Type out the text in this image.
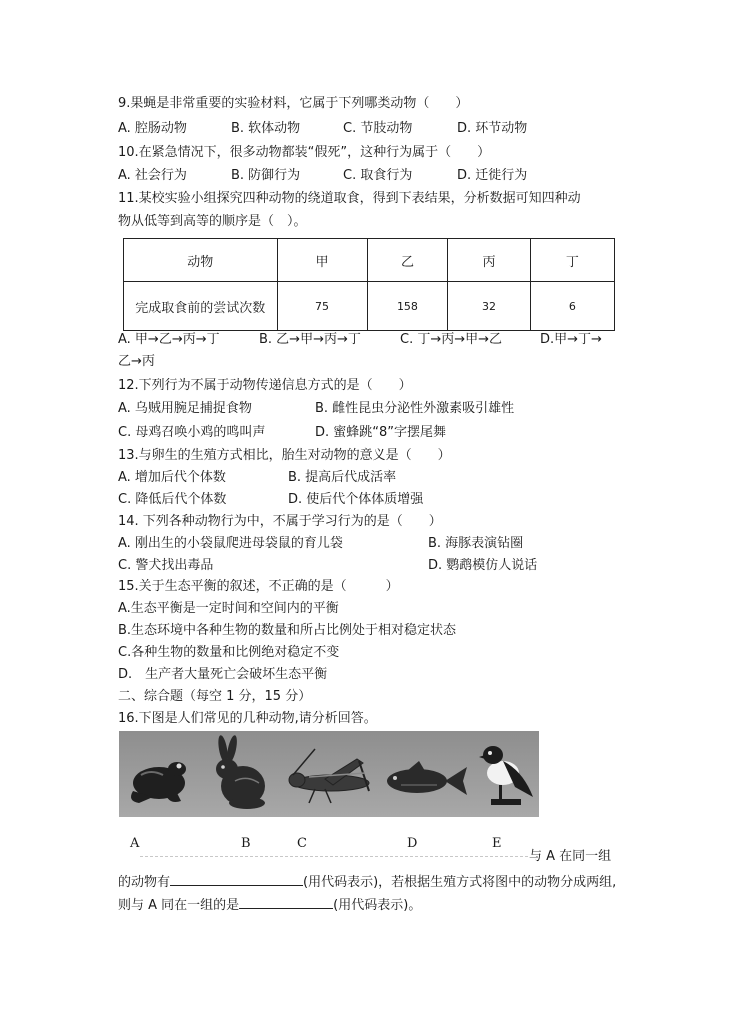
9.果蝇是非常重要的实验材料，它属于下列哪类动物（　　）
A. 腔肠动物	B. 软体动物	C. 节肢动物	D. 环节动物
10.在紧急情况下，很多动物都装“假死”，这种行为属于（　　）
A. 社会行为	B. 防御行为	C. 取食行为	D. 迁徙行为
11.某校实验小组探究四种动物的绕道取食，得到下表结果，分析数据可知四种动
物从低等到高等的顺序是（　）。
动物	甲	乙	丙	丁
完成取食前的尝试次数	75	158	32	6
A. 甲→乙→丙→丁	B. 乙→甲→丙→丁	C. 丁→丙→甲→乙	D.甲→丁→
乙→丙
12.下列行为不属于动物传递信息方式的是（　　）
A. 乌贼用腕足捕捉食物	B. 雌性昆虫分泌性外激素吸引雄性
C. 母鸡召唤小鸡的鸣叫声	D. 蜜蜂跳“8”字摆尾舞
13.与卵生的生殖方式相比，胎生对动物的意义是（　　）
A. 增加后代个体数	B. 提高后代成活率
C. 降低后代个体数	D. 使后代个体体质增强
14. 下列各种动物行为中，不属于学习行为的是（　　）
A. 刚出生的小袋鼠爬进母袋鼠的育儿袋	B. 海豚表演钻圈
C. 警犬找出毒品	D. 鹦鹉模仿人说话
15.关于生态平衡的叙述，不正确的是（　　　）
A.生态平衡是一定时间和空间内的平衡
B.生态环境中各种生物的数量和所占比例处于相对稳定状态
C.各种生物的数量和比例绝对稳定不变
D.　生产者大量死亡会破坏生态平衡
二、综合题（每空 1 分，15 分）
16.下图是人们常见的几种动物,请分析回答。
A	B	C	D	E
与 A 在同一组
的动物有	(用代码表示)，若根据生殖方式将图中的动物分成两组,
则与 A 同在一组的是	(用代码表示)。
